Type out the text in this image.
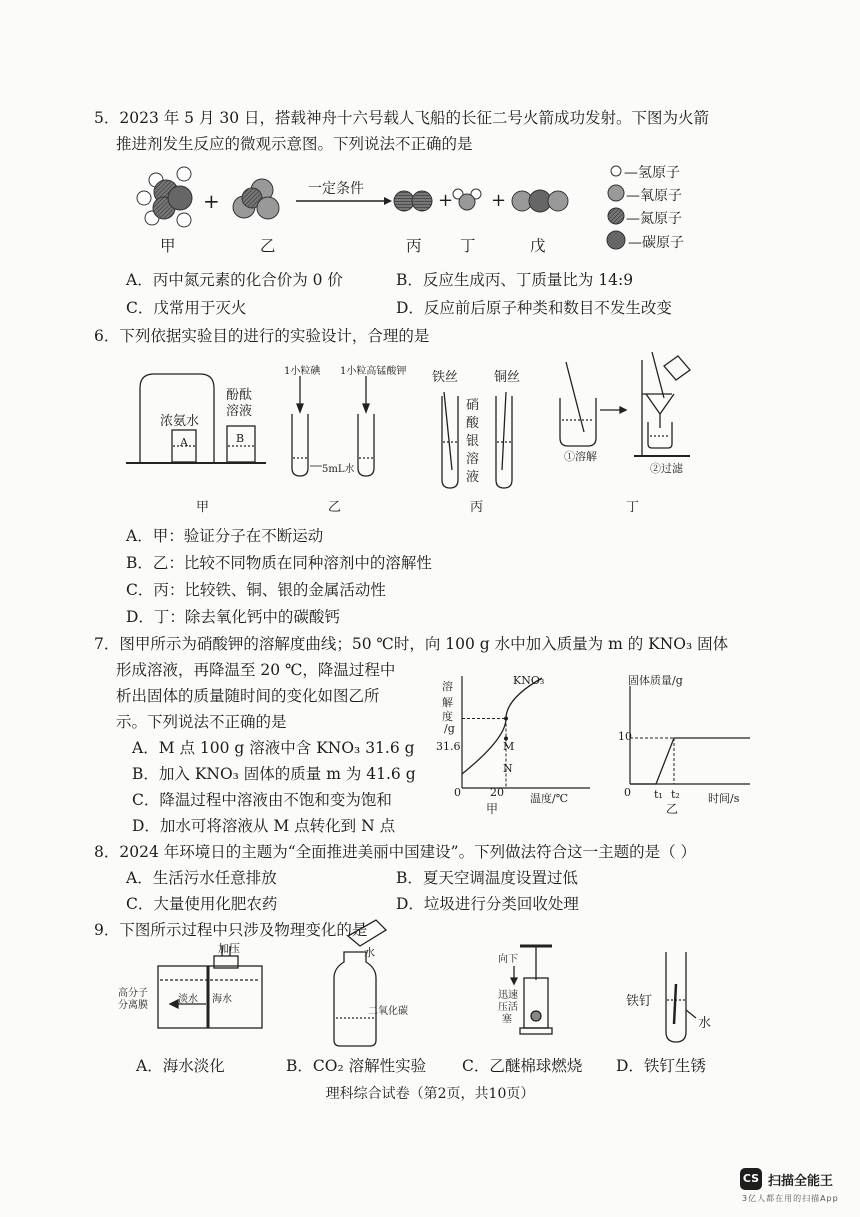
5．2023 年 5 月 30 日，搭载神舟十六号载人飞船的长征二号火箭成功发射。下图为火箭
推进剂发生反应的微观示意图。下列说法不正确的是
+	+ +
一定条件
甲	乙	丙 丁	戊
—氢原子
—氧原子
—氮原子
—碳原子
A．丙中氮元素的化合价为 0 价	B．反应生成丙、丁质量比为 14:9
C．戊常用于灭火	D．反应前后原子种类和数目不发生改变
6．下列依据实验目的进行的实验设计，合理的是
浓氨水
酚酞
溶液
A	B
1小粒碘 1小粒高锰酸钾
5mL水
铁丝	铜丝
硝
酸
银
溶
液
①溶解
②过滤
甲	乙	丙	丁
A．甲：验证分子在不断运动
B．乙：比较不同物质在同种溶剂中的溶解性
C．丙：比较铁、铜、银的金属活动性
D．丁：除去氧化钙中的碳酸钙
7．图甲所示为硝酸钾的溶解度曲线；50 ℃时，向 100 g 水中加入质量为 m 的 KNO₃ 固体
形成溶液，再降温至 20 ℃，降温过程中
析出固体的质量随时间的变化如图乙所
示。下列说法不正确的是
A．M 点 100 g 溶液中含 KNO₃ 31.6 g
B．加入 KNO₃ 固体的质量 m 为 41.6 g
C．降温过程中溶液由不饱和变为饱和
D．加水可将溶液从 M 点转化到 N 点
溶
解
度
/g
31.6
KNO₃
M
N
0	20 温度/℃
甲
固体质量/g
10
0 t₁ t₂	时间/s
乙
8．2024 年环境日的主题为“全面推进美丽中国建设”。下列做法符合这一主题的是（ ）
A．生活污水任意排放	B．夏天空调温度设置过低
C．大量使用化肥农药	D．垃圾进行分类回收处理
9．下图所示过程中只涉及物理变化的是
加压
高分子
分离膜
淡水 海水
水
二氧化碳
向下
迅速
压活
塞
铁钉
水
A．海水淡化	B．CO₂ 溶解性实验 C．乙醚棉球燃烧 D．铁钉生锈
理科综合试卷（第2页，共10页）
CS 扫描全能王
3亿人都在用的扫描App
